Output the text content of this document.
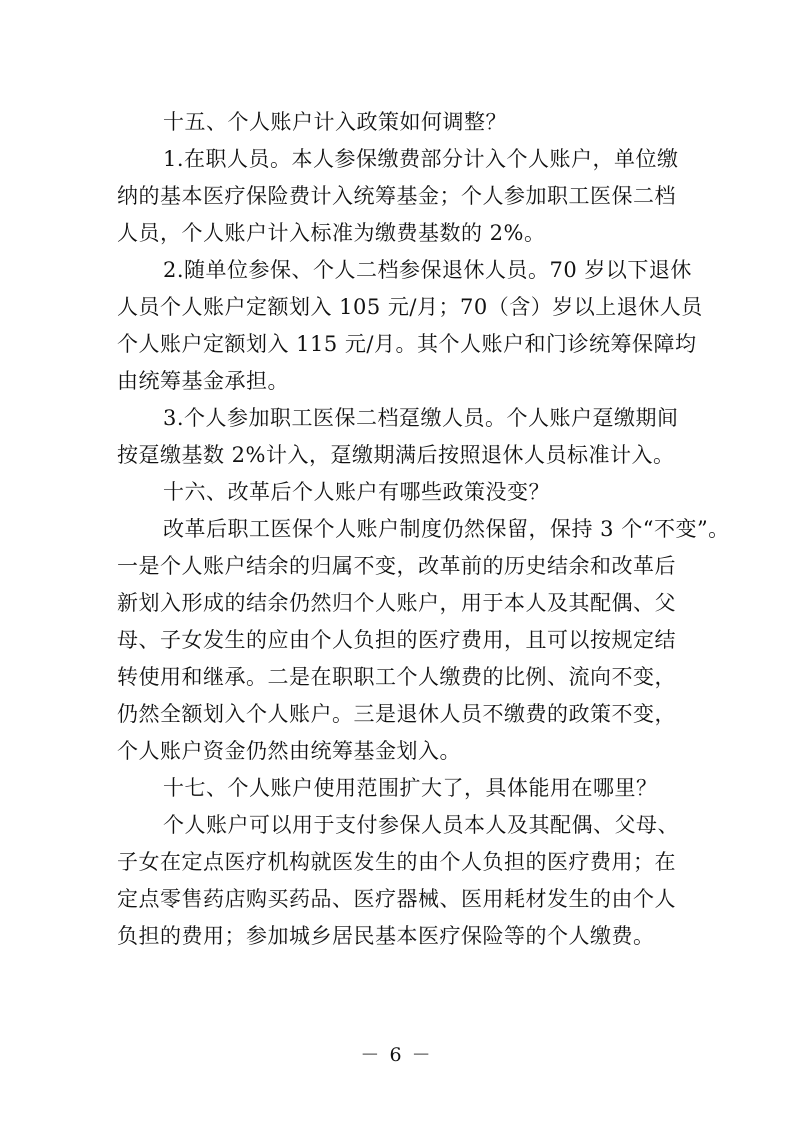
十五、个人账户计入政策如何调整？
1.在职人员。本人参保缴费部分计入个人账户，单位缴
纳的基本医疗保险费计入统筹基金；个人参加职工医保二档
人员，个人账户计入标准为缴费基数的 2%。
2.随单位参保、个人二档参保退休人员。70 岁以下退休
人员个人账户定额划入 105 元/月；70（含）岁以上退休人员
个人账户定额划入 115 元/月。其个人账户和门诊统筹保障均
由统筹基金承担。
3.个人参加职工医保二档趸缴人员。个人账户趸缴期间
按趸缴基数 2%计入，趸缴期满后按照退休人员标准计入。
十六、改革后个人账户有哪些政策没变？
改革后职工医保个人账户制度仍然保留，保持 3 个“不变”。
一是个人账户结余的归属不变，改革前的历史结余和改革后
新划入形成的结余仍然归个人账户，用于本人及其配偶、父
母、子女发生的应由个人负担的医疗费用，且可以按规定结
转使用和继承。二是在职职工个人缴费的比例、流向不变，
仍然全额划入个人账户。三是退休人员不缴费的政策不变，
个人账户资金仍然由统筹基金划入。
十七、个人账户使用范围扩大了，具体能用在哪里？
个人账户可以用于支付参保人员本人及其配偶、父母、
子女在定点医疗机构就医发生的由个人负担的医疗费用；在
定点零售药店购买药品、医疗器械、医用耗材发生的由个人
负担的费用；参加城乡居民基本医疗保险等的个人缴费。
－ 6 －
